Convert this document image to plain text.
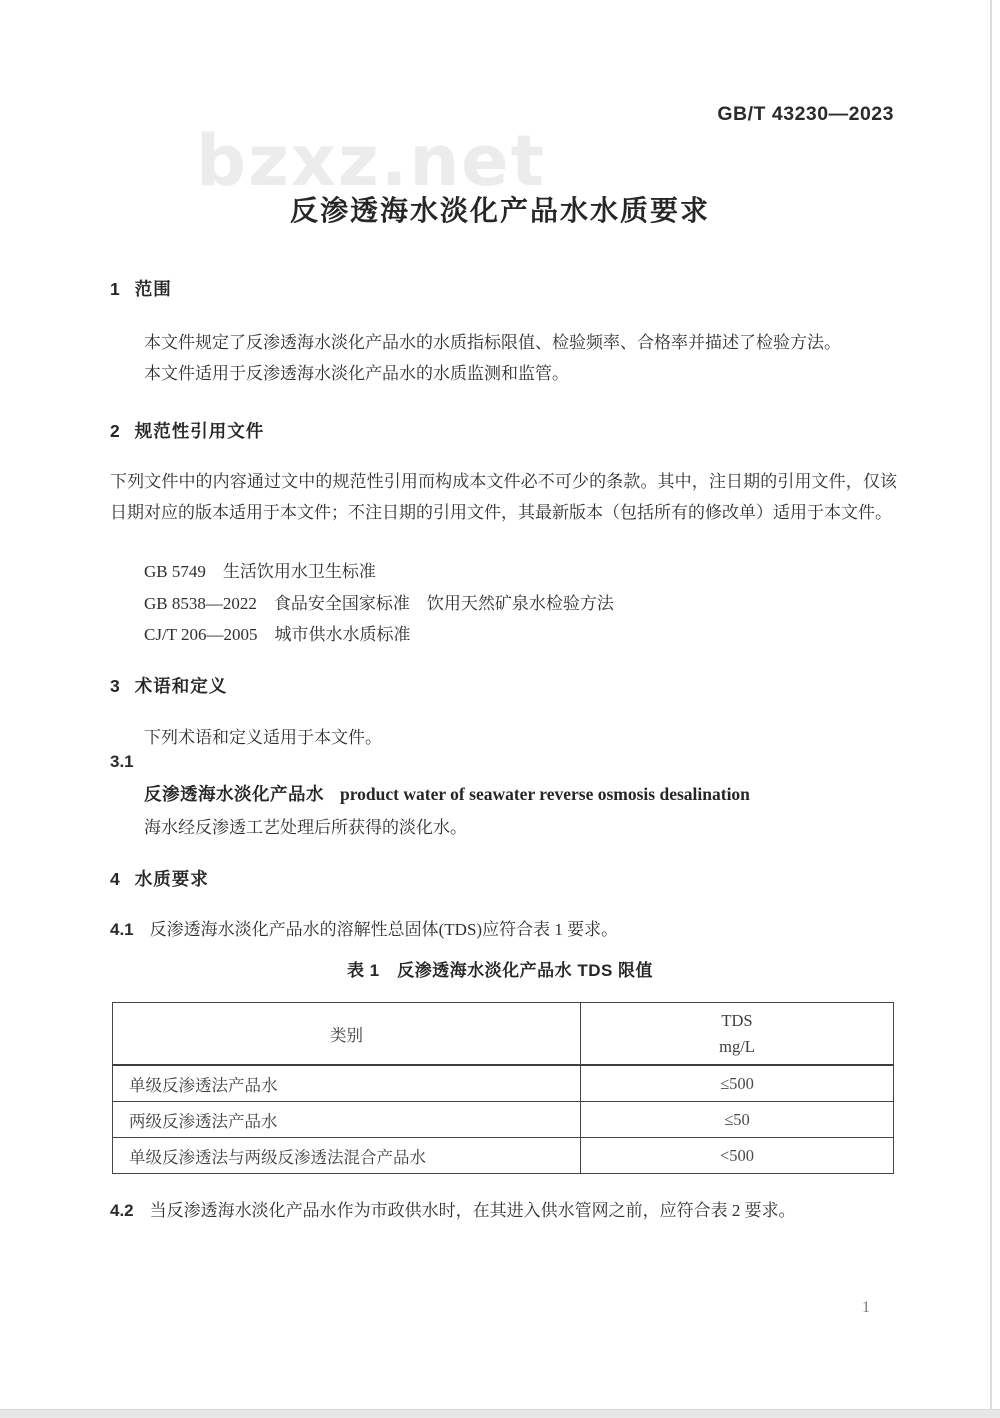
bzxz.net
GB/T 43230—2023
反渗透海水淡化产品水水质要求
1 范围

本文件规定了反渗透海水淡化产品水的水质指标限值、检验频率、合格率并描述了检验方法。

本文件适用于反渗透海水淡化产品水的水质监测和监管。

2 规范性引用文件
下列文件中的内容通过文中的规范性引用而构成本文件必不可少的条款。其中，注日期的引用文件，仅该日期对应的版本适用于本文件；不注日期的引用文件，其最新版本（包括所有的修改单）适用于本文件。
GB 5749　生活饮用水卫生标准
GB 8538—2022　食品安全国家标准　饮用天然矿泉水检验方法
CJ/T 206—2005　城市供水水质标准
3 术语和定义
下列术语和定义适用于本文件。
3.1
反渗透海水淡化产品水 product water of seawater reverse osmosis desalination
海水经反渗透工艺处理后所获得的淡化水。
4 水质要求
4.1 反渗透海水淡化产品水的溶解性总固体(TDS)应符合表 1 要求。
表 1　反渗透海水淡化产品水 TDS 限值
类别	TDS
mg/L

单级反渗透法产品水	≤500
两级反渗透法产品水	≤50
单级反渗透法与两级反渗透法混合产品水	<500
4.2 当反渗透海水淡化产品水作为市政供水时，在其进入供水管网之前，应符合表 2 要求。
1
